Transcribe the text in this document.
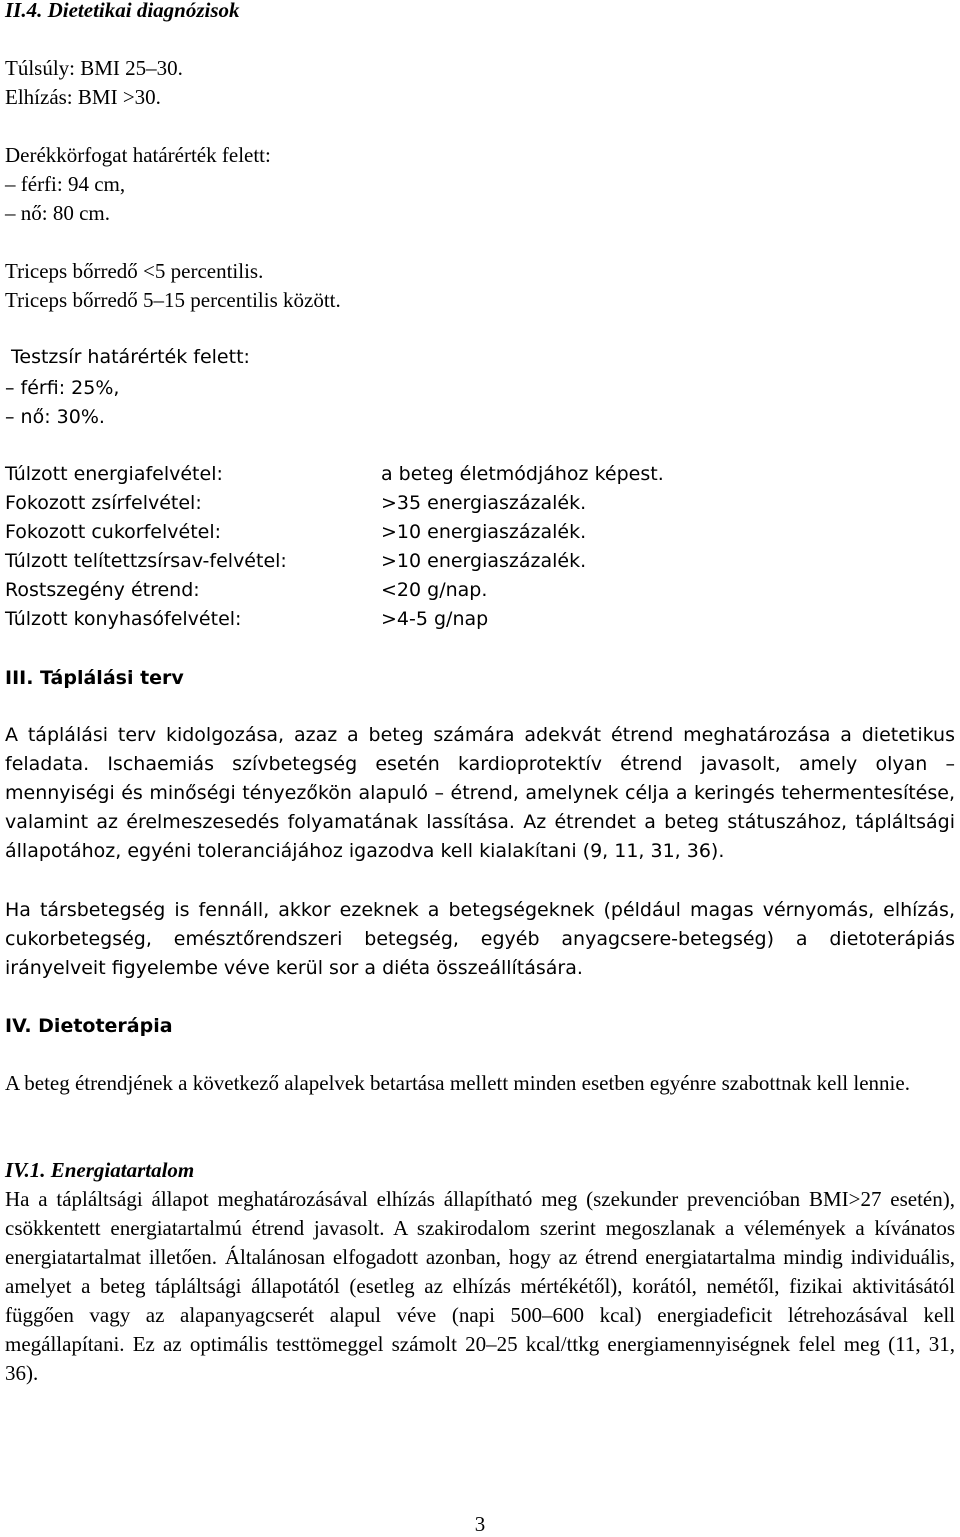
II.4. Dietetikai diagnózisok

Túlsúly: BMI 25–30.

Elhízás: BMI >30.

Derékkörfogat határérték felett:

– férfi: 94 cm,

– nő: 80 cm.

Triceps bőrredő <5 percentilis.

Triceps bőrredő 5–15 percentilis között.

Testzsír határérték felett:

– férfi: 25%,

– nő: 30%.

Túlzott energiafelvétel:	a beteg életmódjához képest.

Fokozott zsírfelvétel:	>35 energiaszázalék.

Fokozott cukorfelvétel:	>10 energiaszázalék.

Túlzott telítettzsírsav-felvétel:	>10 energiaszázalék.

Rostszegény étrend:	<20 g/nap.

Túlzott konyhasófelvétel:	>4-5 g/nap

III. Táplálási terv

A táplálási terv kidolgozása, azaz a beteg számára adekvát étrend meghatározása a dietetikus feladata. Ischaemiás szívbetegség esetén kardioprotektív étrend javasolt, amely olyan – mennyiségi és minőségi tényezőkön alapuló – étrend, amelynek célja a keringés tehermentesítése, valamint az érelmeszesedés folyamatának lassítása. Az étrendet a beteg státuszához, tápláltsági állapotához, egyéni toleranciájához igazodva kell kialakítani (9, 11, 31, 36).

Ha társbetegség is fennáll, akkor ezeknek a betegségeknek (például magas vérnyomás, elhízás, cukorbetegség, emésztőrendszeri betegség, egyéb anyagcsere-betegség) a dietoterápiás irányelveit figyelembe véve kerül sor a diéta összeállítására.

IV. Dietoterápia

A beteg étrendjének a következő alapelvek betartása mellett minden esetben egyénre szabottnak kell lennie.

IV.1. Energiatartalom

Ha a tápláltsági állapot meghatározásával elhízás állapítható meg (szekunder prevencióban BMI>27 esetén), csökkentett energiatartalmú étrend javasolt. A szakirodalom szerint megoszlanak a vélemények a kívánatos energiatartalmat illetően. Általánosan elfogadott azonban, hogy az étrend energiatartalma mindig individuális, amelyet a beteg tápláltsági állapotától (esetleg az elhízás mértékétől), korától, nemétől, fizikai aktivitásától függően vagy az alapanyagcserét alapul véve (napi 500–600 kcal) energiadeficit létrehozásával kell megállapítani. Ez az optimális testtömeggel számolt 20–25 kcal/ttkg energiamennyiségnek felel meg (11, 31, 36).

3
